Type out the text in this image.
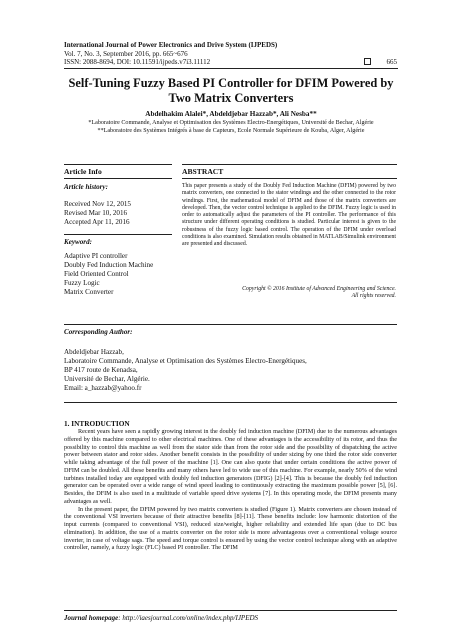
International Journal of Power Electronics and Drive System (IJPEDS)
Vol. 7, No. 3, September 2016, pp. 665~676
ISSN: 2088-8694, DOI: 10.11591/ijpeds.v7i3.11112	665
Self-Tuning Fuzzy Based PI Controller for DFIM Powered by
Two Matrix Converters
Abdelhakim Alalei*, Abdeldjebar Hazzab*, Ali Nesba**
*Laboratoire Commande, Analyse et Optimisation des Systèmes Electro-Energétiques, Université de Bechar, Algérie
**Laboratoire des Systèmes Intégrés à base de Capteurs, Ecole Normale Supérieure de Kouba, Alger, Algérie
Article Info	ABSTRACT
Article history:
Received Nov 12, 2015
Revised Mar 10, 2016
Accepted Apr 11, 2016
Keyword:
Adaptive PI controller
Doubly Fed Induction Machine
Field Oriented Control
Fuzzy Logic
Matrix Converter
This paper presents a study of the Doubly Fed Induction Machine (DFIM) powered by two matrix converters, one connected to the stator windings and the other connected to the rotor windings. First, the mathematical model of DFIM and those of the matrix converters are developed. Then, the vector control technique is applied to the DFIM. Fuzzy logic is used in order to automatically adjust the parameters of the PI controller. The performance of this structure under different operating conditions is studied. Particular interest is given to the robustness of the fuzzy logic based control. The operation of the DFIM under overload conditions is also examined. Simulation results obtained in MATLAB/Simulink environment are presented and discussed.
Copyright © 2016 Institute of Advanced Engineering and Science.
All rights reserved.
Corresponding Author:
Abdeldjebar Hazzab,
Laboratoire Commande, Analyse et Optimisation des Systèmes Electro-Energétiques,
BP 417 route de Kenadsa,
Université de Bechar, Algérie.
Email: a_hazzab@yahoo.fr
1. INTRODUCTION

Recent years have seen a rapidly growing interest in the doubly fed induction machine (DFIM) due to the numerous advantages offered by this machine compared to other electrical machines. One of these advantages is the accessibility of its rotor, and thus the possibility to control this machine as well from the stator side than from the rotor side and the possibility of dispatching the active power between stator and rotor sides. Another benefit consists in the possibility of under sizing by one third the rotor side converter while taking advantage of the full power of the machine [1]. One can also quote that under certain conditions the active power of DFIM can be doubled. All these benefits and many others have led to wide use of this machine. For example, nearly 50% of the wind turbines installed today are equipped with doubly fed induction generators (DFIG) [2]-[4]. This is because the doubly fed induction generator can be operated over a wide range of wind speed leading to continuously extracting the maximum possible power [5], [6]. Besides, the DFIM is also used in a multitude of variable speed drive systems [7]. In this operating mode, the DFIM presents many advantages as well.

In the present paper, the DFIM powered by two matrix converters is studied (Figure 1). Matrix converters are chosen instead of the conventional VSI inverters because of their attractive benefits [8]-[11]. These benefits include: low harmonic distortion of the input currents (compared to conventional VSI), reduced size/weight, higher reliability and extended life span (due to DC bus elimination). In addition, the use of a matrix converter on the rotor side is more advantageous over a conventional voltage source inverter, in case of voltage sags. The speed and torque control is ensured by using the vector control technique along with an adaptive controller, namely, a fuzzy logic (FLC) based PI controller. The DFIM

Journal homepage: http://iaesjournal.com/online/index.php/IJPEDS
